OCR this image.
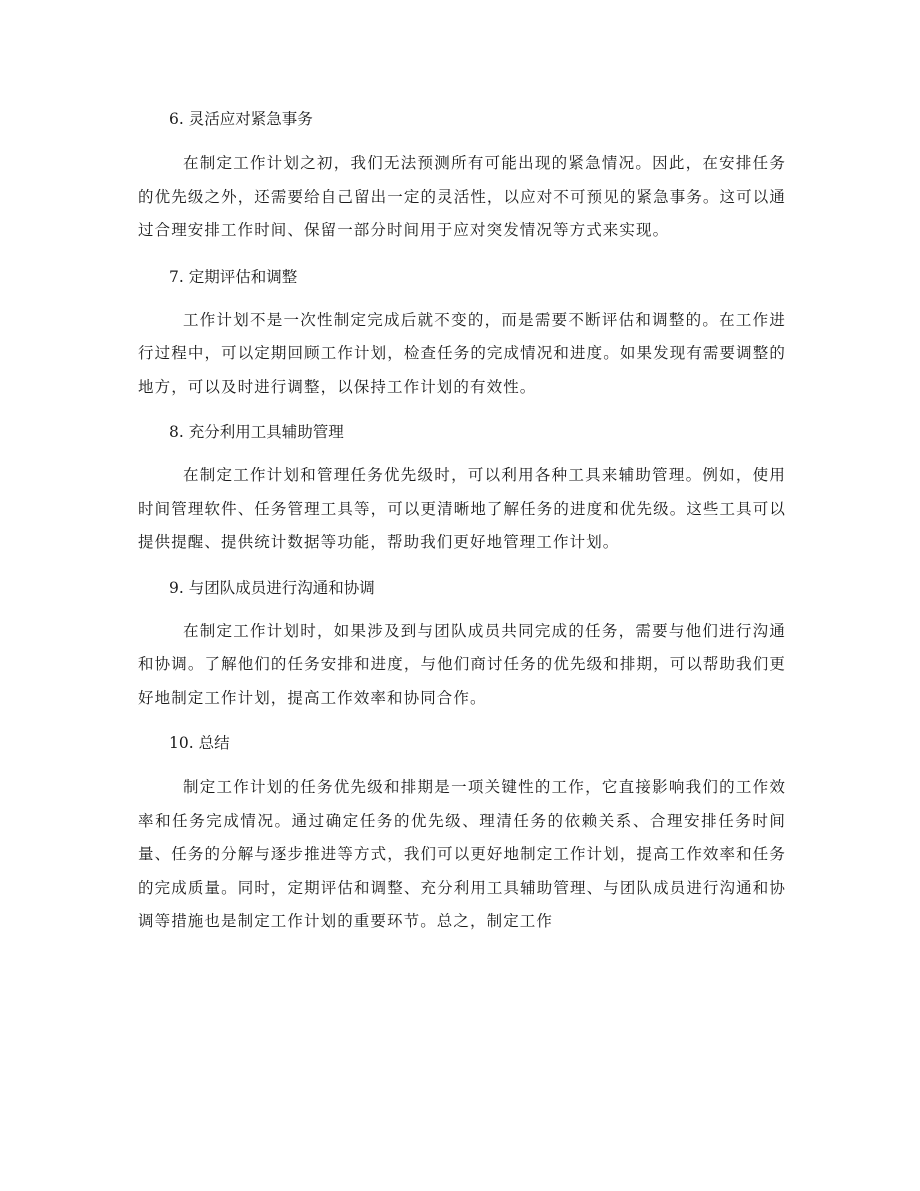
6. 灵活应对紧急事务

在制定工作计划之初，我们无法预测所有可能出现的紧急情况。因此，在安排任务的优先级之外，还需要给自己留出一定的灵活性，以应对不可预见的紧急事务。这可以通过合理安排工作时间、保留一部分时间用于应对突发情况等方式来实现。

7. 定期评估和调整

工作计划不是一次性制定完成后就不变的，而是需要不断评估和调整的。在工作进行过程中，可以定期回顾工作计划，检查任务的完成情况和进度。如果发现有需要调整的地方，可以及时进行调整，以保持工作计划的有效性。

8. 充分利用工具辅助管理

在制定工作计划和管理任务优先级时，可以利用各种工具来辅助管理。例如，使用时间管理软件、任务管理工具等，可以更清晰地了解任务的进度和优先级。这些工具可以提供提醒、提供统计数据等功能，帮助我们更好地管理工作计划。

9. 与团队成员进行沟通和协调

在制定工作计划时，如果涉及到与团队成员共同完成的任务，需要与他们进行沟通和协调。了解他们的任务安排和进度，与他们商讨任务的优先级和排期，可以帮助我们更好地制定工作计划，提高工作效率和协同合作。

10. 总结

制定工作计划的任务优先级和排期是一项关键性的工作，它直接影响我们的工作效率和任务完成情况。通过确定任务的优先级、理清任务的依赖关系、合理安排任务时间量、任务的分解与逐步推进等方式，我们可以更好地制定工作计划，提高工作效率和任务的完成质量。同时，定期评估和调整、充分利用工具辅助管理、与团队成员进行沟通和协调等措施也是制定工作计划的重要环节。总之，制定工作
